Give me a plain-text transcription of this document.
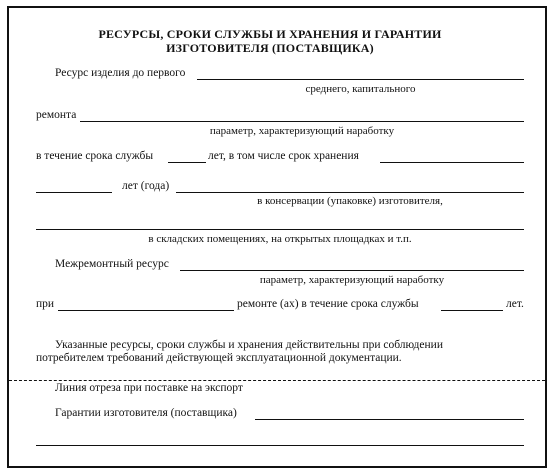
РЕСУРСЫ, СРОКИ СЛУЖБЫ И ХРАНЕНИЯ И ГАРАНТИИ
ИЗГОТОВИТЕЛЯ (ПОСТАВЩИКА)
Ресурс изделия до первого
среднего, капитального
ремонта
параметр, характеризующий наработку
в течение срока службы	лет, в том числе срок хранения
лет (года)
в консервации (упаковке) изготовителя,
в складских помещениях, на открытых площадках и т.п.
Межремонтный ресурс
параметр, характеризующий наработку
при	ремонте (ах) в течение срока службы	лет.
Указанные ресурсы, сроки службы и хранения действительны при соблюдении
потребителем требований действующей эксплуатационной документации.
Линия отреза при поставке на экспорт
Гарантии изготовителя (поставщика)
